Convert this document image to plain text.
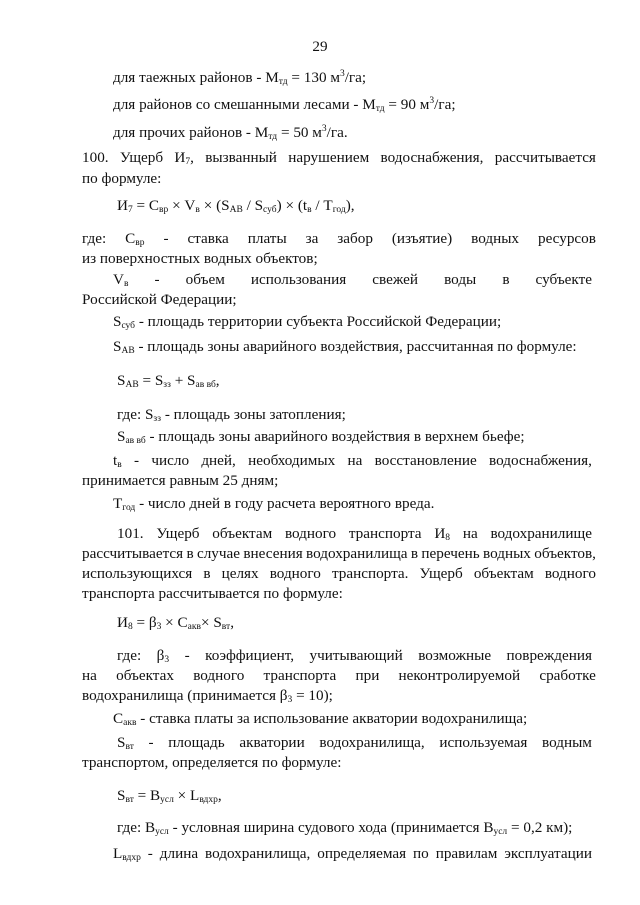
29
для таежных районов - $М_{тд} = 130$ $м^3/га$;
для районов со смешанными лесами - $М_{тд} = 90$ $м^3/га$;
для прочих районов - $М_{тд} = 50$ $м^3/га$.
100. Ущерб $И_7$, вызванный нарушением водоснабжения, рассчитывается
по формуле:
$И_7 = С_{вр} \times V_в \times (S_{АВ} / S_{суб}) \times (t_в / Т_{год})$,
где: $С_{вр}$ - ставка платы за забор (изъятие) водных ресурсов
из поверхностных водных объектов;
$V_в$ - объем использования свежей воды в субъекте
Российской Федерации;
$S_{суб}$ - площадь территории субъекта Российской Федерации;
$S_{АВ}$ - площадь зоны аварийного воздействия, рассчитанная по формуле:
$S_{АВ} = S_{зз} + S_{ав вб}$,
где: $S_{зз}$ - площадь зоны затопления;
$S_{ав вб}$ - площадь зоны аварийного воздействия в верхнем бьефе;
$t_в$ - число дней, необходимых на восстановление водоснабжения,
принимается равным 25 дням;
$Т_{год}$ - число дней в году расчета вероятного вреда.
101. Ущерб объектам водного транспорта $И_8$ на водохранилище
рассчитывается в случае внесения водохранилища в перечень водных объектов,
использующихся в целях водного транспорта. Ущерб объектам водного
транспорта рассчитывается по формуле:
$И_8 = \beta_3 \times С_{акв}\times S_{вт}$,
где: $\beta_3$ - коэффициент, учитывающий возможные повреждения
на объектах водного транспорта при неконтролируемой сработке
водохранилища (принимается $\beta_3 = 10$);
$С_{акв}$ - ставка платы за использование акватории водохранилища;
$S_{вт}$ - площадь акватории водохранилища, используемая водным
транспортом, определяется по формуле:
$S_{вт} = В_{усл} \times L_{вдхр}$,
где: $В_{усл}$ - условная ширина судового хода (принимается $В_{усл} = 0,2$ км);
$L_{вдхр}$ - длина водохранилища, определяемая по правилам эксплуатации
